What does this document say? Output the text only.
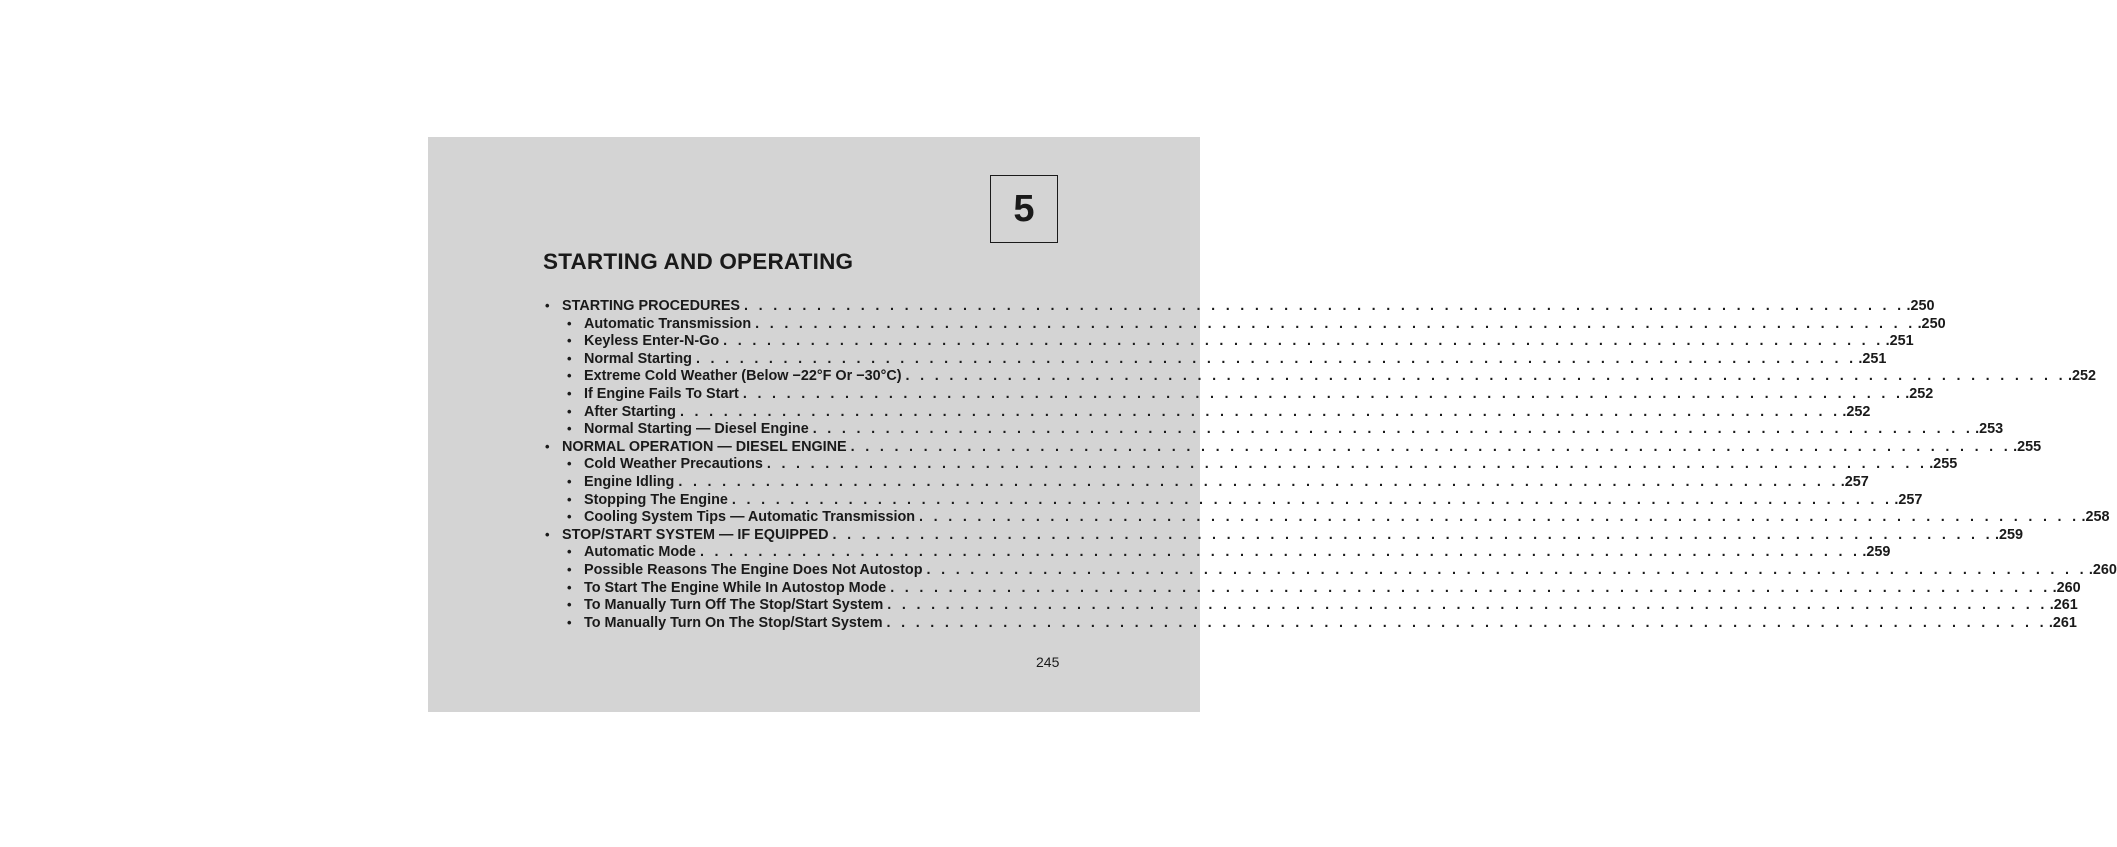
5
STARTING AND OPERATING
• STARTING PROCEDURES . . . . . . . . . . . . . . . . . . . . . . . . . . . . . . . . . . . . . . . . . . . . . . . . . . . . . . . . . . . . . . . . . . . . . . . . . . . . . . . . .250
• Automatic Transmission . . . . . . . . . . . . . . . . . . . . . . . . . . . . . . . . . . . . . . . . . . . . . . . . . . . . . . . . . . . . . . . . . . . . . . . . . . . . . . . . .250
• Keyless Enter-N-Go . . . . . . . . . . . . . . . . . . . . . . . . . . . . . . . . . . . . . . . . . . . . . . . . . . . . . . . . . . . . . . . . . . . . . . . . . . . . . . . . .251
• Normal Starting . . . . . . . . . . . . . . . . . . . . . . . . . . . . . . . . . . . . . . . . . . . . . . . . . . . . . . . . . . . . . . . . . . . . . . . . . . . . . . . . .251
• Extreme Cold Weather (Below −22°F Or −30°C) . . . . . . . . . . . . . . . . . . . . . . . . . . . . . . . . . . . . . . . . . . . . . . . . . . . . . . . . . . . . . . . . . . . . . . . . . . . . . . . . .252
• If Engine Fails To Start . . . . . . . . . . . . . . . . . . . . . . . . . . . . . . . . . . . . . . . . . . . . . . . . . . . . . . . . . . . . . . . . . . . . . . . . . . . . . . . . .252
• After Starting . . . . . . . . . . . . . . . . . . . . . . . . . . . . . . . . . . . . . . . . . . . . . . . . . . . . . . . . . . . . . . . . . . . . . . . . . . . . . . . . .252
• Normal Starting — Diesel Engine . . . . . . . . . . . . . . . . . . . . . . . . . . . . . . . . . . . . . . . . . . . . . . . . . . . . . . . . . . . . . . . . . . . . . . . . . . . . . . . . .253
• NORMAL OPERATION — DIESEL ENGINE . . . . . . . . . . . . . . . . . . . . . . . . . . . . . . . . . . . . . . . . . . . . . . . . . . . . . . . . . . . . . . . . . . . . . . . . . . . . . . . . .255
• Cold Weather Precautions . . . . . . . . . . . . . . . . . . . . . . . . . . . . . . . . . . . . . . . . . . . . . . . . . . . . . . . . . . . . . . . . . . . . . . . . . . . . . . . . .255
• Engine Idling . . . . . . . . . . . . . . . . . . . . . . . . . . . . . . . . . . . . . . . . . . . . . . . . . . . . . . . . . . . . . . . . . . . . . . . . . . . . . . . . .257
• Stopping The Engine . . . . . . . . . . . . . . . . . . . . . . . . . . . . . . . . . . . . . . . . . . . . . . . . . . . . . . . . . . . . . . . . . . . . . . . . . . . . . . . . .257
• Cooling System Tips — Automatic Transmission . . . . . . . . . . . . . . . . . . . . . . . . . . . . . . . . . . . . . . . . . . . . . . . . . . . . . . . . . . . . . . . . . . . . . . . . . . . . . . . . .258
• STOP/START SYSTEM — IF EQUIPPED . . . . . . . . . . . . . . . . . . . . . . . . . . . . . . . . . . . . . . . . . . . . . . . . . . . . . . . . . . . . . . . . . . . . . . . . . . . . . . . . .259
• Automatic Mode . . . . . . . . . . . . . . . . . . . . . . . . . . . . . . . . . . . . . . . . . . . . . . . . . . . . . . . . . . . . . . . . . . . . . . . . . . . . . . . . .259
• Possible Reasons The Engine Does Not Autostop . . . . . . . . . . . . . . . . . . . . . . . . . . . . . . . . . . . . . . . . . . . . . . . . . . . . . . . . . . . . . . . . . . . . . . . . . . . . . . . . .260
• To Start The Engine While In Autostop Mode . . . . . . . . . . . . . . . . . . . . . . . . . . . . . . . . . . . . . . . . . . . . . . . . . . . . . . . . . . . . . . . . . . . . . . . . . . . . . . . . .260
• To Manually Turn Off The Stop/Start System . . . . . . . . . . . . . . . . . . . . . . . . . . . . . . . . . . . . . . . . . . . . . . . . . . . . . . . . . . . . . . . . . . . . . . . . . . . . . . . . .261
• To Manually Turn On The Stop/Start System . . . . . . . . . . . . . . . . . . . . . . . . . . . . . . . . . . . . . . . . . . . . . . . . . . . . . . . . . . . . . . . . . . . . . . . . . . . . . . . . .261
245
